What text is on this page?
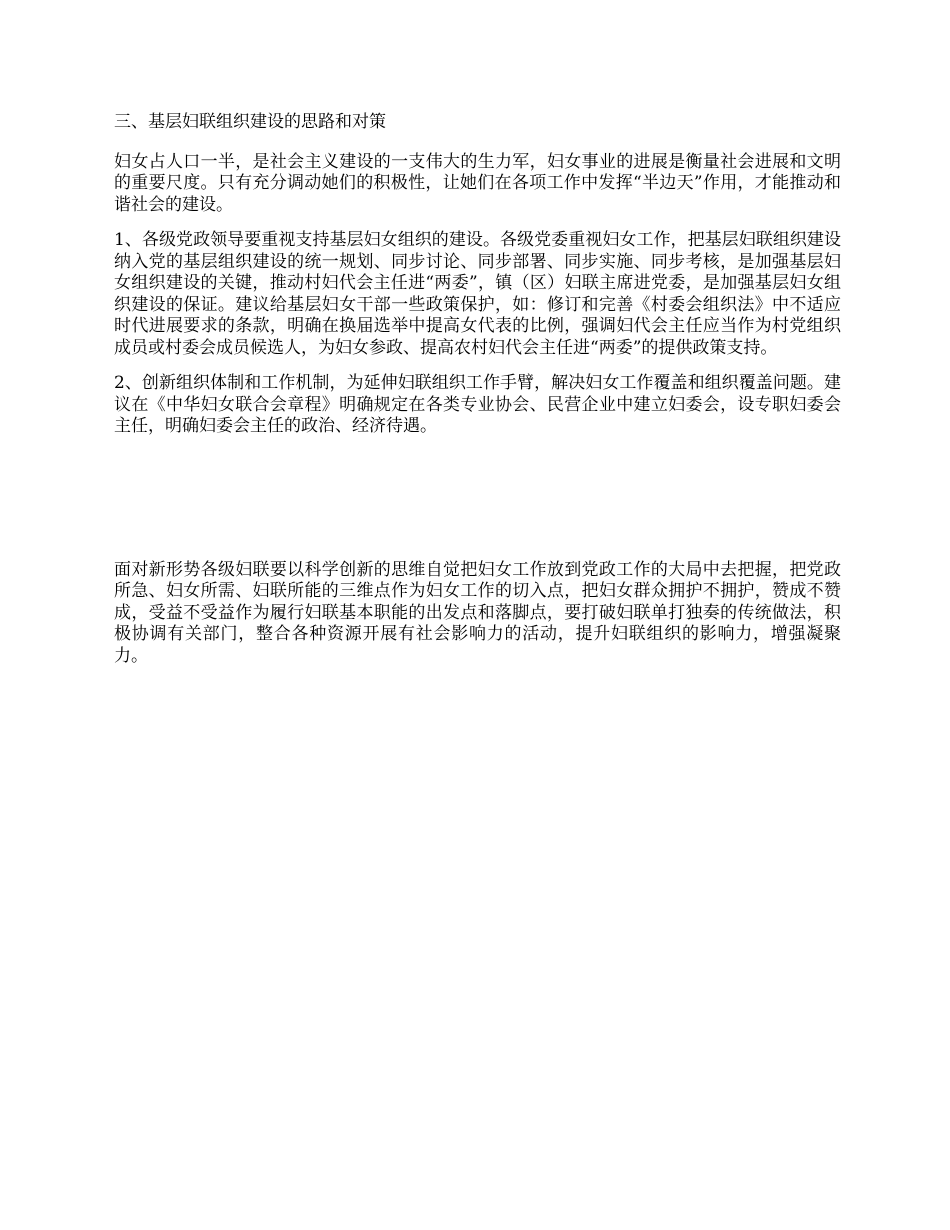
三、基层妇联组织建设的思路和对策

妇女占人口一半，是社会主义建设的一支伟大的生力军，妇女事业的进展是衡量社会进展和文明的重要尺度。只有充分调动她们的积极性，让她们在各项工作中发挥“半边天”作用，才能推动和谐社会的建设。

1、各级党政领导要重视支持基层妇女组织的建设。各级党委重视妇女工作，把基层妇联组织建设纳入党的基层组织建设的统一规划、同步讨论、同步部署、同步实施、同步考核，是加强基层妇女组织建设的关键，推动村妇代会主任进“两委”，镇（区）妇联主席进党委，是加强基层妇女组织建设的保证。建议给基层妇女干部一些政策保护，如：修订和完善《村委会组织法》中不适应时代进展要求的条款，明确在换届选举中提高女代表的比例，强调妇代会主任应当作为村党组织成员或村委会成员候选人，为妇女参政、提高农村妇代会主任进“两委”的提供政策支持。

2、创新组织体制和工作机制，为延伸妇联组织工作手臂，解决妇女工作覆盖和组织覆盖问题。建议在《中华妇女联合会章程》明确规定在各类专业协会、民营企业中建立妇委会，设专职妇委会主任，明确妇委会主任的政治、经济待遇。

面对新形势各级妇联要以科学创新的思维自觉把妇女工作放到党政工作的大局中去把握，把党政所急、妇女所需、妇联所能的三维点作为妇女工作的切入点，把妇女群众拥护不拥护，赞成不赞成，受益不受益作为履行妇联基本职能的出发点和落脚点，要打破妇联单打独奏的传统做法，积极协调有关部门，整合各种资源开展有社会影响力的活动，提升妇联组织的影响力，增强凝聚力。
